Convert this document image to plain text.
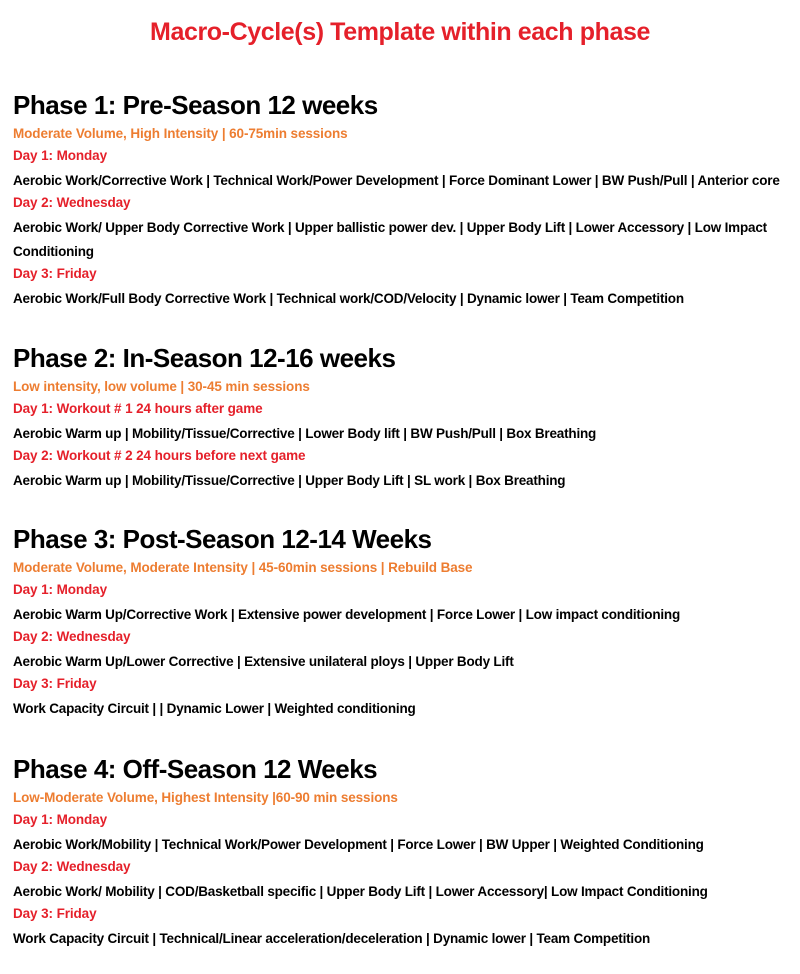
Macro-Cycle(s) Template within each phase
Phase 1: Pre-Season 12 weeks
Moderate Volume, High Intensity | 60-75min sessions
Day 1: Monday
Aerobic Work/Corrective Work | Technical Work/Power Development | Force Dominant Lower | BW Push/Pull | Anterior core
Day 2: Wednesday
Aerobic Work/ Upper Body Corrective Work | Upper ballistic power dev. | Upper Body Lift | Lower Accessory | Low Impact Conditioning
Day 3: Friday
Aerobic Work/Full Body Corrective Work | Technical work/COD/Velocity | Dynamic lower | Team Competition
Phase 2: In-Season 12-16 weeks
Low intensity, low volume | 30-45 min sessions
Day 1: Workout # 1 24 hours after game
Aerobic Warm up | Mobility/Tissue/Corrective | Lower Body lift | BW Push/Pull | Box Breathing
Day 2: Workout # 2 24 hours before next game
Aerobic Warm up | Mobility/Tissue/Corrective | Upper Body Lift | SL work | Box Breathing
Phase 3: Post-Season 12-14 Weeks
Moderate Volume, Moderate Intensity | 45-60min sessions | Rebuild Base
Day 1: Monday
Aerobic Warm Up/Corrective Work | Extensive power development | Force Lower | Low impact conditioning
Day 2: Wednesday
Aerobic Warm Up/Lower Corrective | Extensive unilateral ploys | Upper Body Lift
Day 3: Friday
Work Capacity Circuit | | Dynamic Lower | Weighted conditioning
Phase 4: Off-Season 12 Weeks
Low-Moderate Volume, Highest Intensity |60-90 min sessions
Day 1: Monday
Aerobic Work/Mobility | Technical Work/Power Development | Force Lower | BW Upper | Weighted Conditioning
Day 2: Wednesday
Aerobic Work/ Mobility | COD/Basketball specific | Upper Body Lift | Lower Accessory| Low Impact Conditioning
Day 3: Friday
Work Capacity Circuit | Technical/Linear acceleration/deceleration | Dynamic lower | Team Competition
